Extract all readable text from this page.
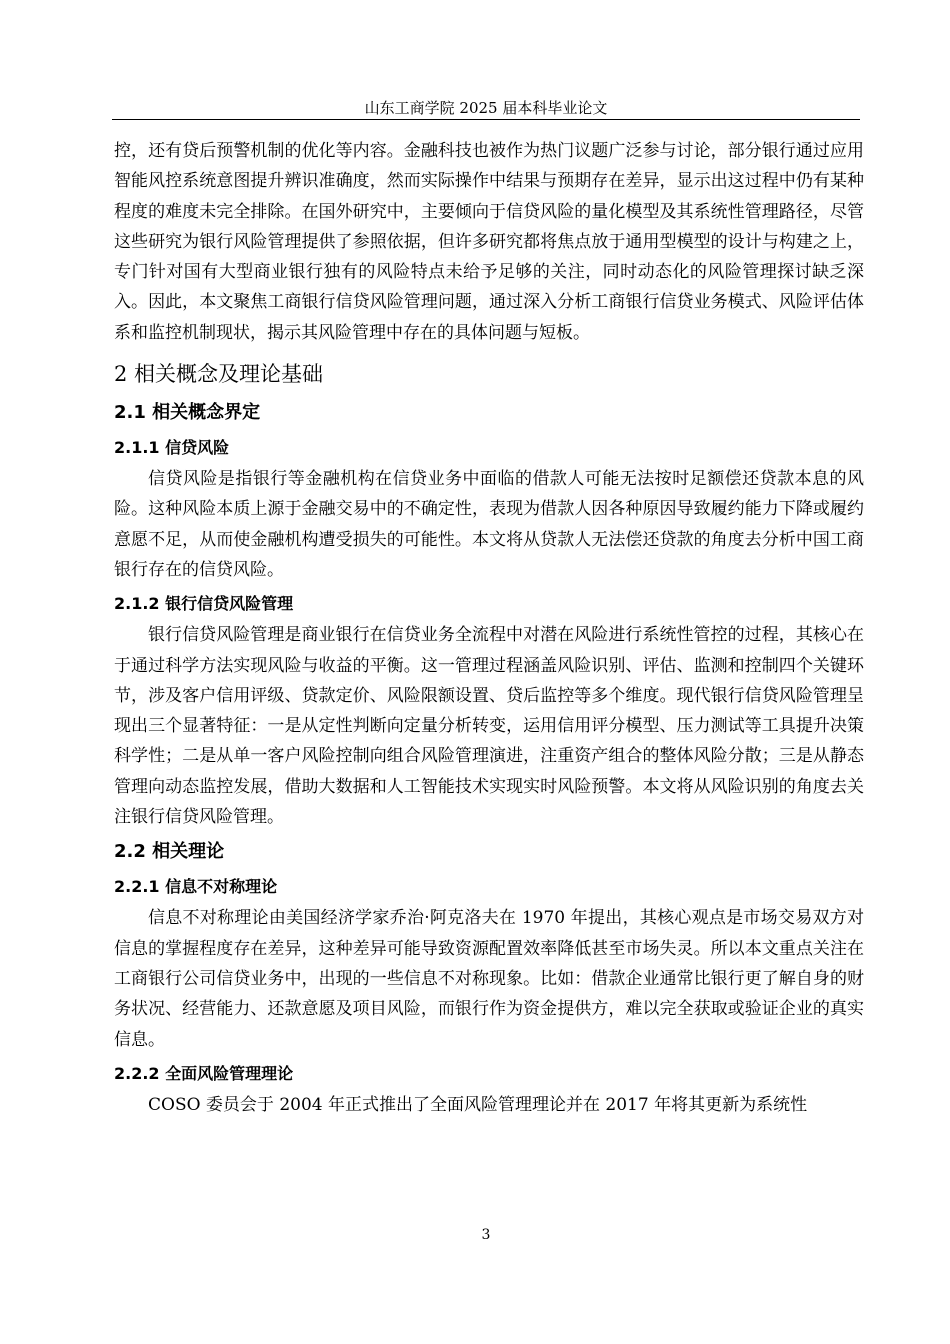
山东工商学院 2025 届本科毕业论文

控，还有贷后预警机制的优化等内容。金融科技也被作为热门议题广泛参与讨论，部分银行通过应用智能风控系统意图提升辨识准确度，然而实际操作中结果与预期存在差异，显示出这过程中仍有某种程度的难度未完全排除。在国外研究中，主要倾向于信贷风险的量化模型及其系统性管理路径，尽管这些研究为银行风险管理提供了参照依据，但许多研究都将焦点放于通用型模型的设计与构建之上，专门针对国有大型商业银行独有的风险特点未给予足够的关注，同时动态化的风险管理探讨缺乏深入。因此，本文聚焦工商银行信贷风险管理问题，通过深入分析工商银行信贷业务模式、风险评估体系和监控机制现状，揭示其风险管理中存在的具体问题与短板。

2 相关概念及理论基础
2.1 相关概念界定
2.1.1 信贷风险

信贷风险是指银行等金融机构在信贷业务中面临的借款人可能无法按时足额偿还贷款本息的风险。这种风险本质上源于金融交易中的不确定性，表现为借款人因各种原因导致履约能力下降或履约意愿不足，从而使金融机构遭受损失的可能性。本文将从贷款人无法偿还贷款的角度去分析中国工商银行存在的信贷风险。

2.1.2 银行信贷风险管理

银行信贷风险管理是商业银行在信贷业务全流程中对潜在风险进行系统性管控的过程，其核心在于通过科学方法实现风险与收益的平衡。这一管理过程涵盖风险识别、评估、监测和控制四个关键环节，涉及客户信用评级、贷款定价、风险限额设置、贷后监控等多个维度。现代银行信贷风险管理呈现出三个显著特征：一是从定性判断向定量分析转变，运用信用评分模型、压力测试等工具提升决策科学性；二是从单一客户风险控制向组合风险管理演进，注重资产组合的整体风险分散；三是从静态管理向动态监控发展，借助大数据和人工智能技术实现实时风险预警。本文将从风险识别的角度去关注银行信贷风险管理。

2.2 相关理论
2.2.1 信息不对称理论

信息不对称理论由美国经济学家乔治·阿克洛夫在 1970 年提出，其核心观点是市场交易双方对信息的掌握程度存在差异，这种差异可能导致资源配置效率降低甚至市场失灵。所以本文重点关注在工商银行公司信贷业务中，出现的一些信息不对称现象。比如：借款企业通常比银行更了解自身的财务状况、经营能力、还款意愿及项目风险，而银行作为资金提供方，难以完全获取或验证企业的真实信息。

2.2.2 全面风险管理理论

COSO 委员会于 2004 年正式推出了全面风险管理理论并在 2017 年将其更新为系统性

3
